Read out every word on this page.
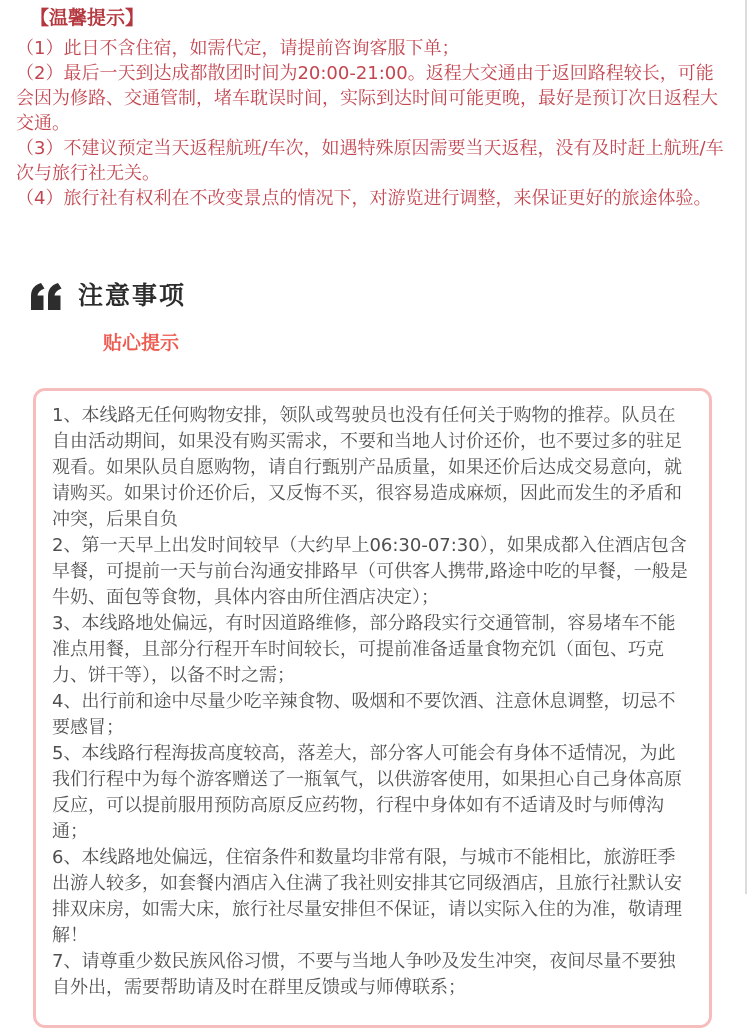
【温馨提示】

（1）此日不含住宿，如需代定，请提前咨询客服下单；

（2）最后一天到达成都散团时间为20:00-21:00。返程大交通由于返回路程较长，可能会因为修路、交通管制，堵车耽误时间，实际到达时间可能更晚，最好是预订次日返程大交通。

（3）不建议预定当天返程航班/车次，如遇特殊原因需要当天返程，没有及时赶上航班/车次与旅行社无关。

（4）旅行社有权利在不改变景点的情况下，对游览进行调整，来保证更好的旅途体验。

注意事项
贴心提示

1、本线路无任何购物安排，领队或驾驶员也没有任何关于购物的推荐。队员在自由活动期间，如果没有购买需求，不要和当地人讨价还价，也不要过多的驻足观看。如果队员自愿购物，请自行甄别产品质量，如果还价后达成交易意向，就请购买。如果讨价还价后，又反悔不买，很容易造成麻烦，因此而发生的矛盾和冲突，后果自负

2、第一天早上出发时间较早（大约早上06:30-07:30），如果成都入住酒店包含早餐，可提前一天与前台沟通安排路早（可供客人携带,路途中吃的早餐，一般是牛奶、面包等食物，具体内容由所住酒店决定）；

3、本线路地处偏远，有时因道路维修，部分路段实行交通管制，容易堵车不能准点用餐，且部分行程开车时间较长，可提前准备适量食物充饥（面包、巧克力、饼干等），以备不时之需；

4、出行前和途中尽量少吃辛辣食物、吸烟和不要饮酒、注意休息调整，切忌不要感冒；

5、本线路行程海拔高度较高，落差大，部分客人可能会有身体不适情况，为此我们行程中为每个游客赠送了一瓶氧气，以供游客使用，如果担心自己身体高原反应，可以提前服用预防高原反应药物，行程中身体如有不适请及时与师傅沟通；

6、本线路地处偏远，住宿条件和数量均非常有限，与城市不能相比，旅游旺季出游人较多，如套餐内酒店入住满了我社则安排其它同级酒店，且旅行社默认安排双床房，如需大床，旅行社尽量安排但不保证，请以实际入住的为准，敬请理解！

7、请尊重少数民族风俗习惯，不要与当地人争吵及发生冲突，夜间尽量不要独自外出，需要帮助请及时在群里反馈或与师傅联系；
